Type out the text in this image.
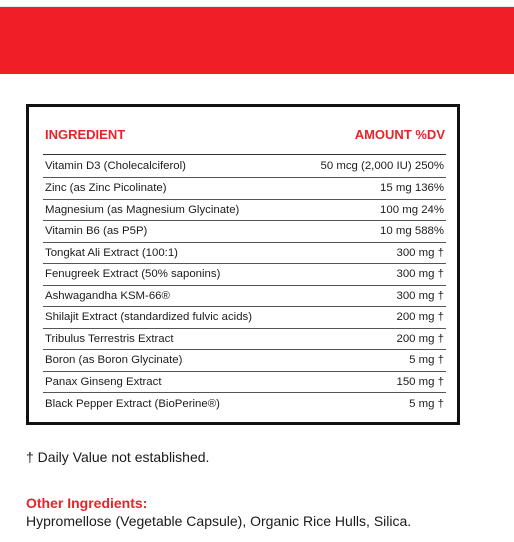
INGREDIENT	AMOUNT %DV
Vitamin D3 (Cholecalciferol)	50 mcg (2,000 IU) 250%
Zinc (as Zinc Picolinate)	15 mg 136%
Magnesium (as Magnesium Glycinate)	100 mg 24%
Vitamin B6 (as P5P)	10 mg 588%
Tongkat Ali Extract (100:1)	300 mg †
Fenugreek Extract (50% saponins)	300 mg †
Ashwagandha KSM-66®	300 mg †
Shilajit Extract (standardized fulvic acids)	200 mg †
Tribulus Terrestris Extract	200 mg †
Boron (as Boron Glycinate)	5 mg †
Panax Ginseng Extract	150 mg †
Black Pepper Extract (BioPerine®)	5 mg †
† Daily Value not established.
Other Ingredients:
Hypromellose (Vegetable Capsule), Organic Rice Hulls, Silica.
